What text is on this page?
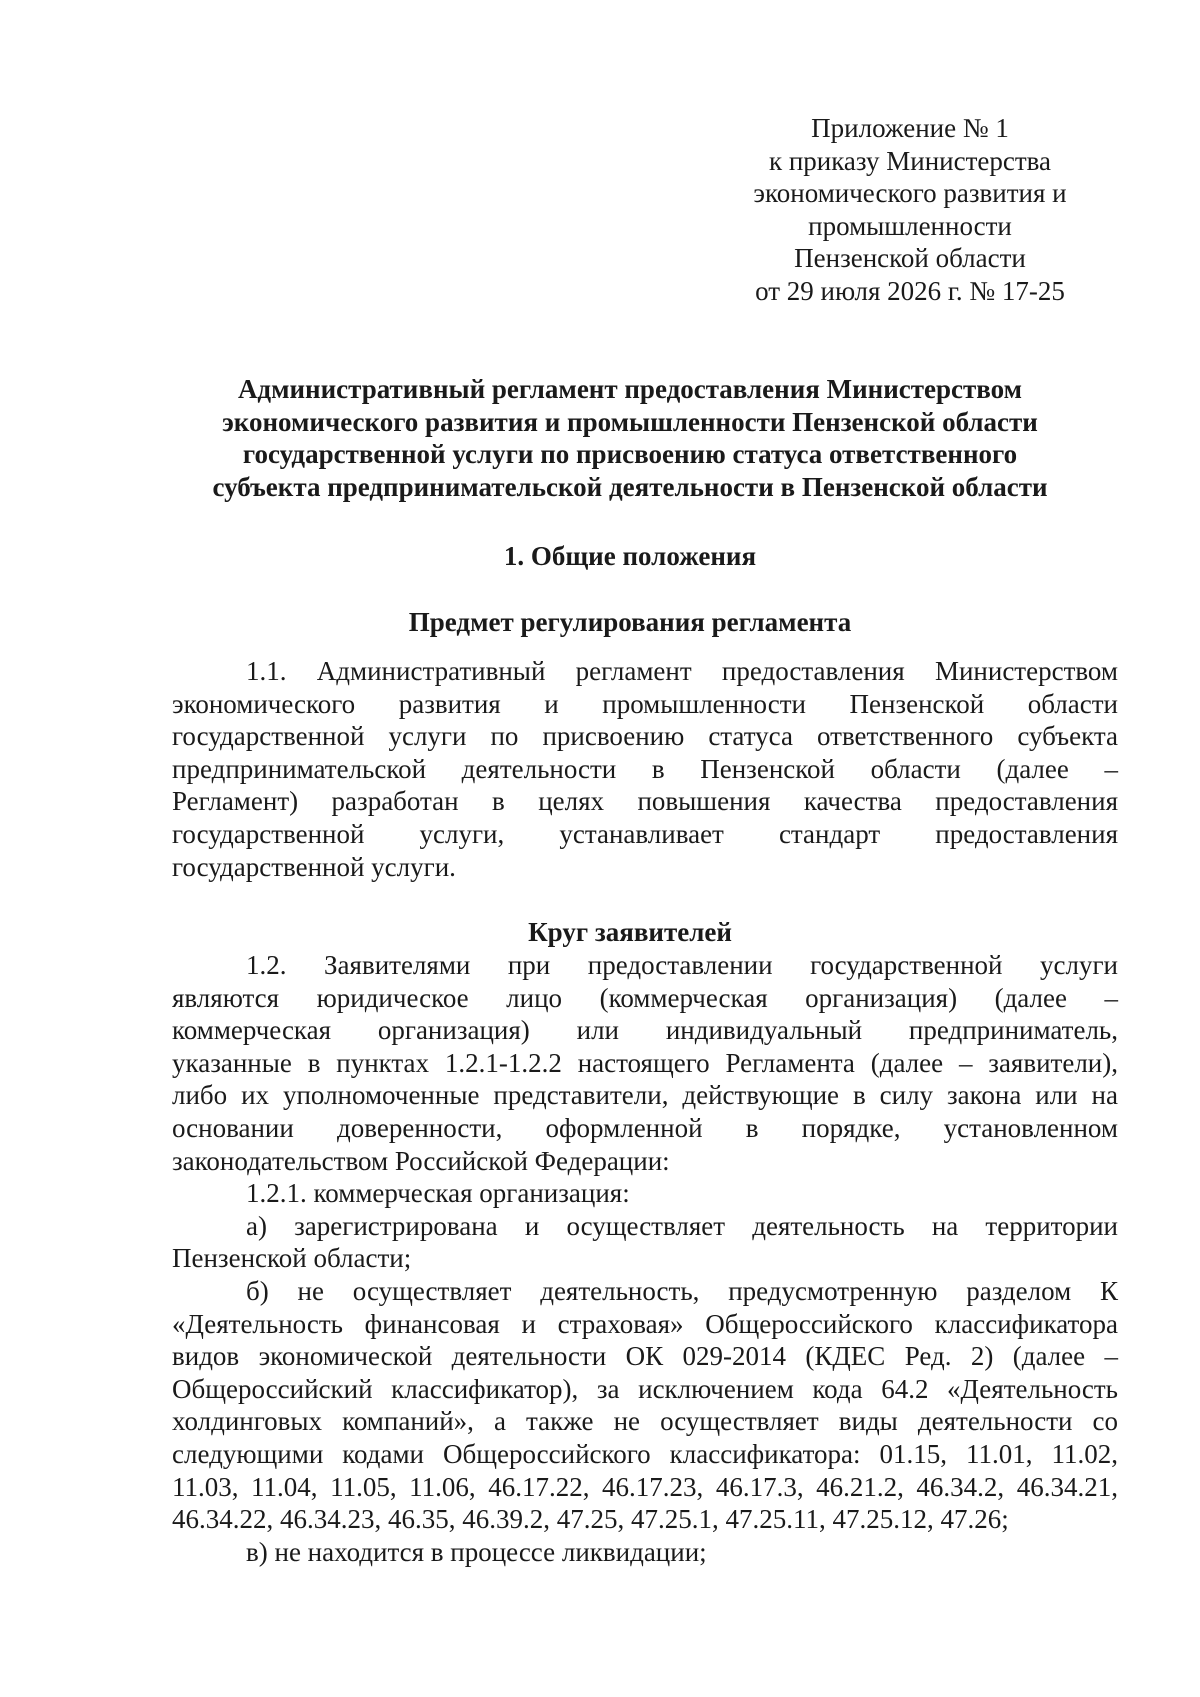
Приложение № 1
к приказу Министерства
экономического развития и
промышленности
Пензенской области
от 29 июля 2026 г. № 17-25
Административный регламент предоставления Министерством
экономического развития и промышленности Пензенской области
государственной услуги по присвоению статуса ответственного
субъекта предпринимательской деятельности в Пензенской области
1. Общие положения
Предмет регулирования регламента
1.1. Административный регламент предоставления Министерством
экономического развития и промышленности Пензенской области
государственной услуги по присвоению статуса ответственного субъекта
предпринимательской деятельности в Пензенской области (далее –
Регламент) разработан в целях повышения качества предоставления
государственной услуги, устанавливает стандарт предоставления
государственной услуги.
Круг заявителей
1.2. Заявителями при предоставлении государственной услуги
являются юридическое лицо (коммерческая организация) (далее –
коммерческая организация) или индивидуальный предприниматель,
указанные в пунктах 1.2.1-1.2.2 настоящего Регламента (далее – заявители),
либо их уполномоченные представители, действующие в силу закона или на
основании доверенности, оформленной в порядке, установленном
законодательством Российской Федерации:
1.2.1. коммерческая организация:
а) зарегистрирована и осуществляет деятельность на территории
Пензенской области;
б) не осуществляет деятельность, предусмотренную разделом К
«Деятельность финансовая и страховая» Общероссийского классификатора
видов экономической деятельности ОК 029-2014 (КДЕС Ред. 2) (далее –
Общероссийский классификатор), за исключением кода 64.2 «Деятельность
холдинговых компаний», а также не осуществляет виды деятельности со
следующими кодами Общероссийского классификатора: 01.15, 11.01, 11.02,
11.03, 11.04, 11.05, 11.06, 46.17.22, 46.17.23, 46.17.3, 46.21.2, 46.34.2, 46.34.21,
46.34.22, 46.34.23, 46.35, 46.39.2, 47.25, 47.25.1, 47.25.11, 47.25.12, 47.26;
в) не находится в процессе ликвидации;
